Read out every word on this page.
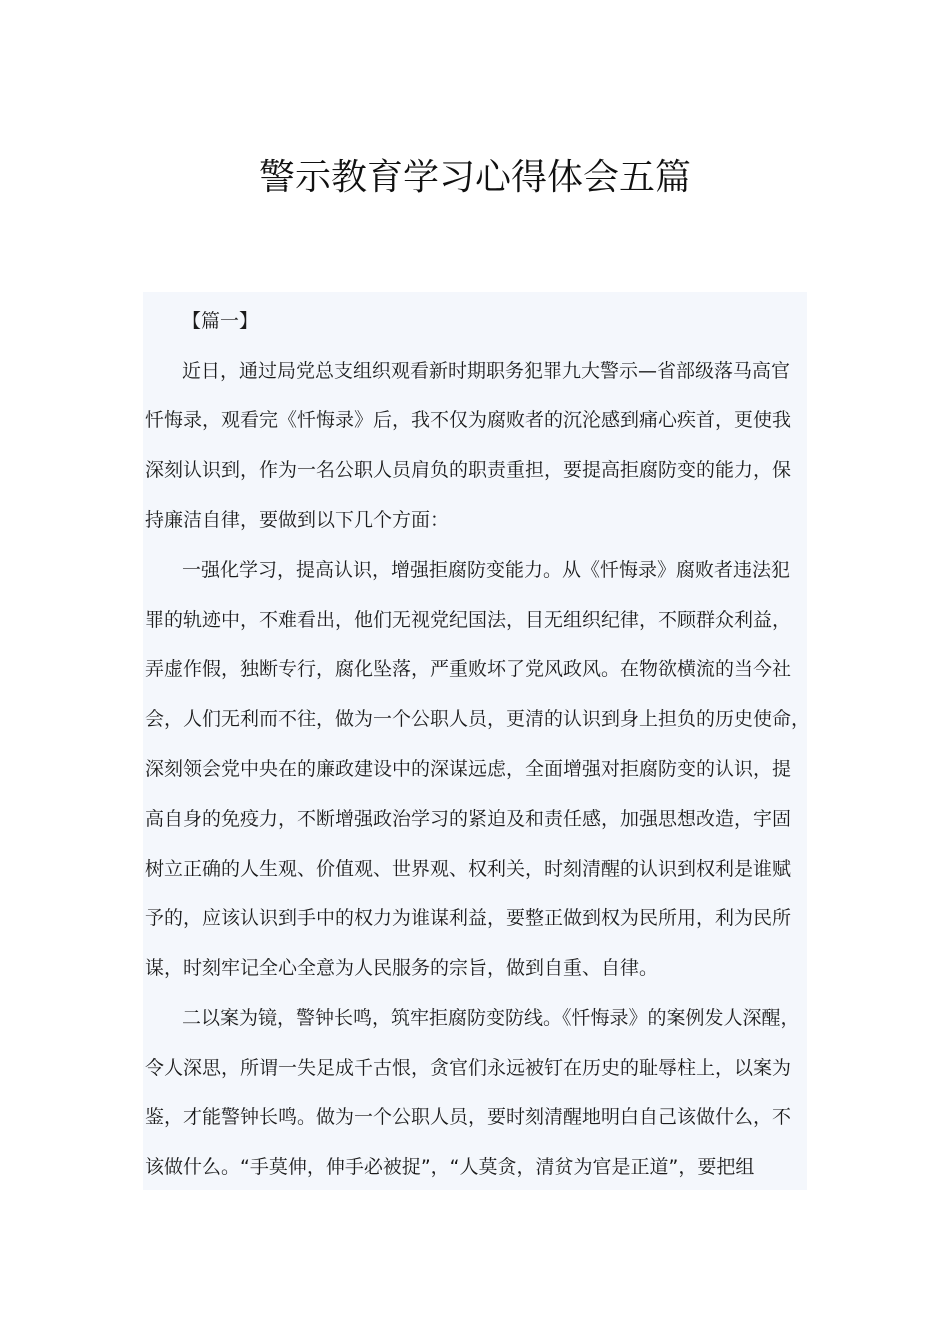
警示教育学习心得体会五篇
【篇一】
近日，通过局党总支组织观看新时期职务犯罪九大警示—省部级落马高官
忏悔录，观看完《忏悔录》后，我不仅为腐败者的沉沦感到痛心疾首，更使我
深刻认识到，作为一名公职人员肩负的职责重担，要提高拒腐防变的能力，保
持廉洁自律，要做到以下几个方面：
一强化学习，提高认识，增强拒腐防变能力。从《忏悔录》腐败者违法犯
罪的轨迹中，不难看出，他们无视党纪国法，目无组织纪律，不顾群众利益，
弄虚作假，独断专行，腐化坠落，严重败坏了党风政风。在物欲横流的当今社
会，人们无利而不往，做为一个公职人员，更清的认识到身上担负的历史使命，
深刻领会党中央在的廉政建设中的深谋远虑，全面增强对拒腐防变的认识，提
高自身的免疫力，不断增强政治学习的紧迫及和责任感，加强思想改造，宇固
树立正确的人生观、价值观、世界观、权利关，时刻清醒的认识到权利是谁赋
予的，应该认识到手中的权力为谁谋利益，要整正做到权为民所用，利为民所
谋，时刻牢记全心全意为人民服务的宗旨，做到自重、自律。
二以案为镜，警钟长鸣，筑牢拒腐防变防线。《忏悔录》的案例发人深醒，
令人深思，所谓一失足成千古恨，贪官们永远被钉在历史的耻辱柱上，以案为
鉴，才能警钟长鸣。做为一个公职人员，要时刻清醒地明白自己该做什么，不
该做什么。“手莫伸，伸手必被捉”，“人莫贪，清贫为官是正道”，要把组
